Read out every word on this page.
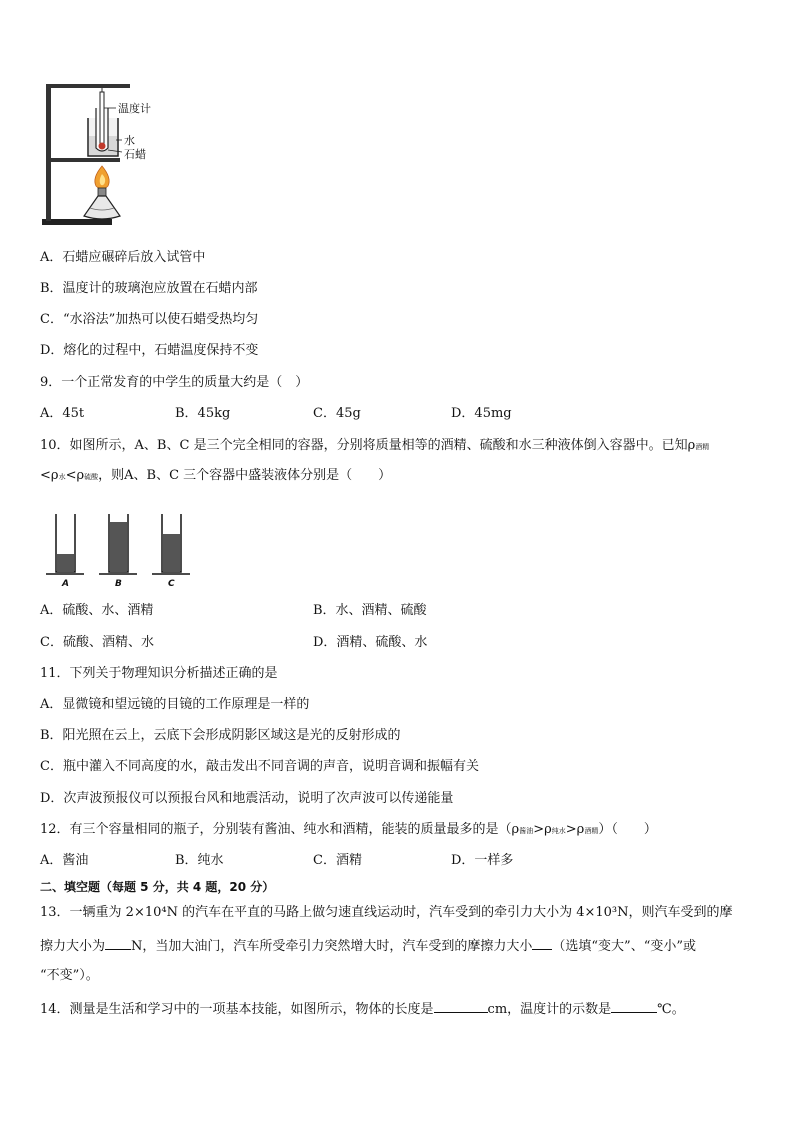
温度计
水
石蜡
A．石蜡应碾碎后放入试管中
B．温度计的玻璃泡应放置在石蜡内部
C．“水浴法”加热可以使石蜡受热均匀
D．熔化的过程中，石蜡温度保持不变
9．一个正常发育的中学生的质量大约是（　）
A．45t	B．45kg	C．45g	D．45mg
10．如图所示，A、B、C 是三个完全相同的容器，分别将质量相等的酒精、硫酸和水三种液体倒入容器中。已知ρ酒精
<ρ水<ρ硫酸，则A、B、C 三个容器中盛装液体分别是（　　）
A	B	C
A．硫酸、水、酒精	B．水、酒精、硫酸
C．硫酸、酒精、水	D．酒精、硫酸、水
11．下列关于物理知识分析描述正确的是
A．显微镜和望远镜的目镜的工作原理是一样的
B．阳光照在云上，云底下会形成阴影区域这是光的反射形成的
C．瓶中灌入不同高度的水，敲击发出不同音调的声音，说明音调和振幅有关
D．次声波预报仪可以预报台风和地震活动，说明了次声波可以传递能量
12．有三个容量相同的瓶子，分别装有酱油、纯水和酒精，能装的质量最多的是（ρ酱油>ρ纯水>ρ酒精）（　　）
A．酱油	B．纯水	C．酒精	D．一样多
二、填空题（每题 5 分，共 4 题，20 分）
13．一辆重为 2×10⁴N 的汽车在平直的马路上做匀速直线运动时，汽车受到的牵引力大小为 4×10³N，则汽车受到的摩
擦力大小为 N，当加大油门，汽车所受牵引力突然增大时，汽车受到的摩擦力大小 （选填“变大”、“变小”或
“不变”）。
14．测量是生活和学习中的一项基本技能，如图所示，物体的长度是	cm，温度计的示数是	℃。
